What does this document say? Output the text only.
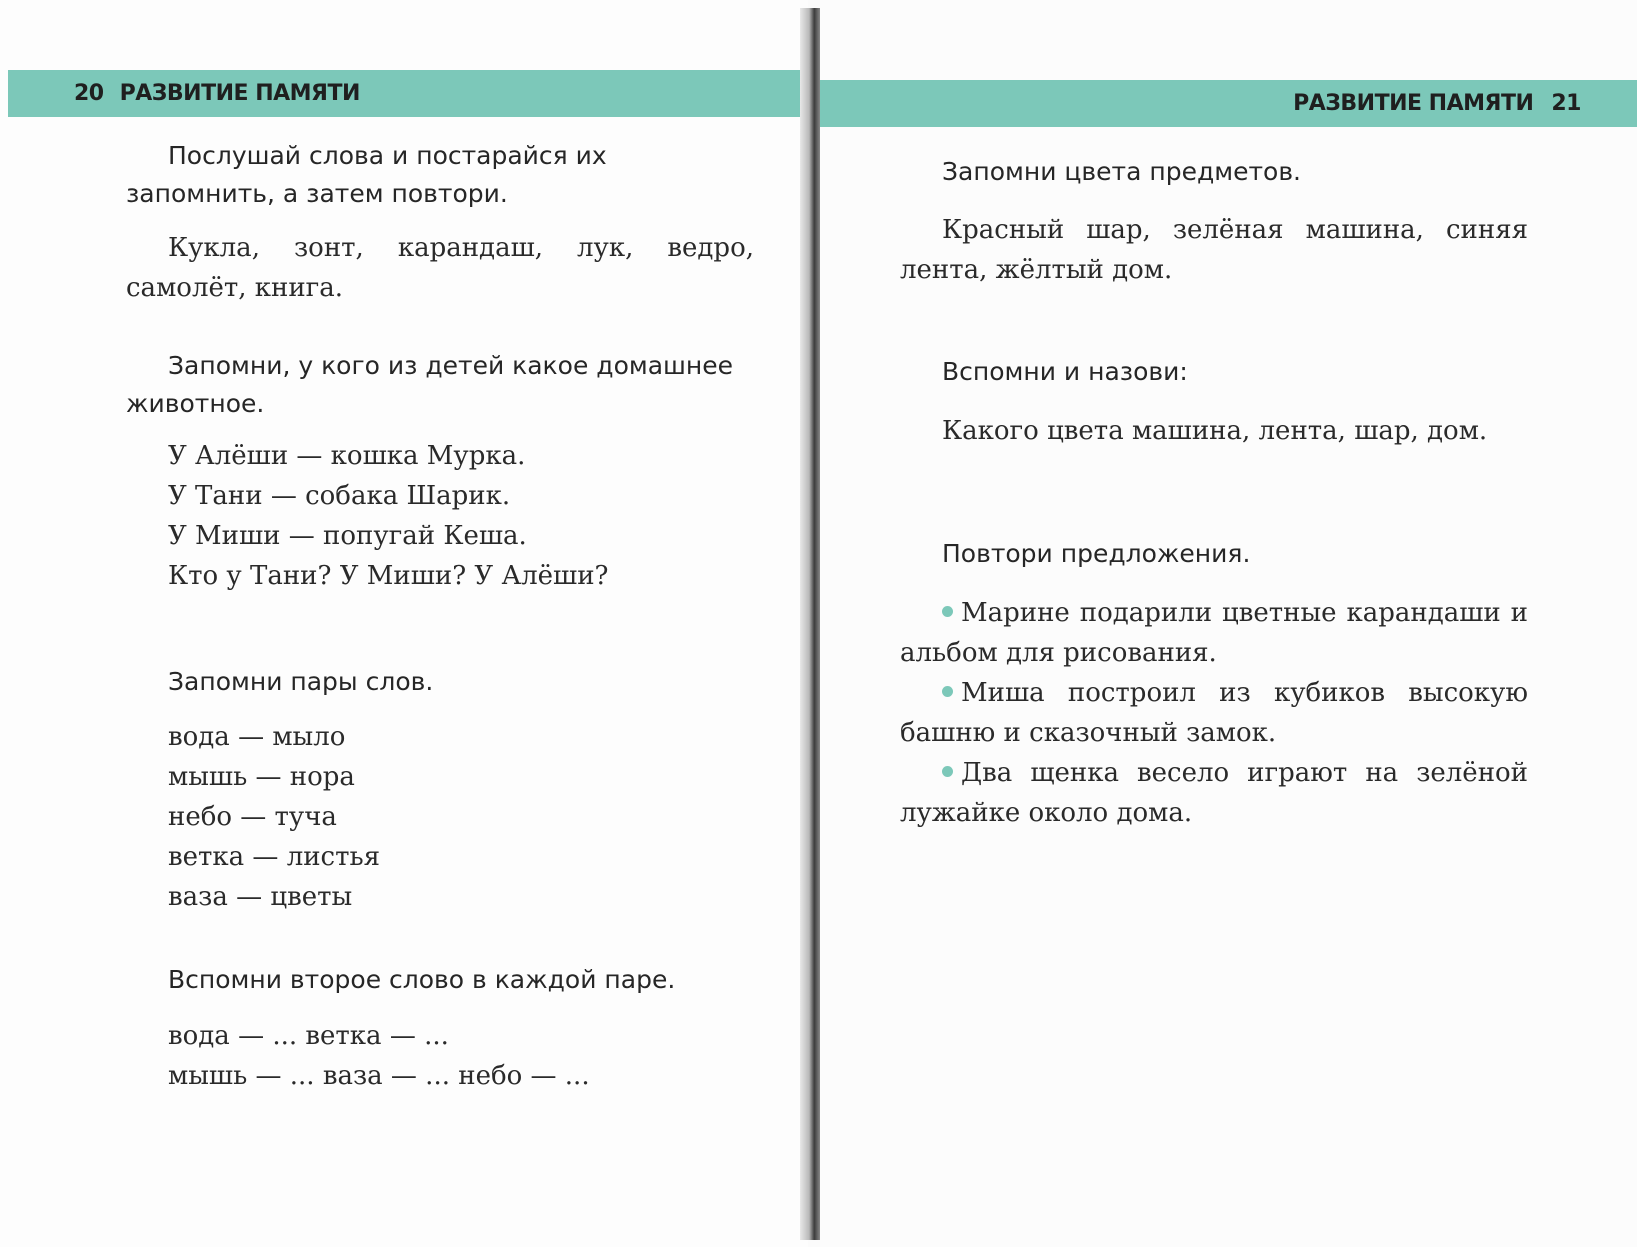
20 РАЗВИТИЕ ПАМЯТИ

Послушай слова и постарайся их запомнить, а затем повтори.

Кукла, зонт, карандаш, лук, ведро, самолёт, книга.

Запомни, у кого из детей какое домашнее животное.

У Алёши — кошка Мурка.
У Тани — собака Шарик.
У Миши — попугай Кеша.
Кто у Тани? У Миши? У Алёши?

Запомни пары слов.

вода — мыло
мышь — нора
небо — туча
ветка — листья
ваза — цветы

Вспомни второе слово в каждой паре.

вода — ... ветка — ...
мышь — ... ваза — ... небо — ...
РАЗВИТИЕ ПАМЯТИ 21

Запомни цвета предметов.

Красный шар, зелёная машина, синяя лента, жёлтый дом.

Вспомни и назови:

Какого цвета машина, лента, шар, дом.

Повтори предложения.

Марине подарили цветные карандаши и альбом для рисования.
Миша построил из кубиков высокую башню и сказочный замок.
Два щенка весело играют на зелёной лужайке около дома.
